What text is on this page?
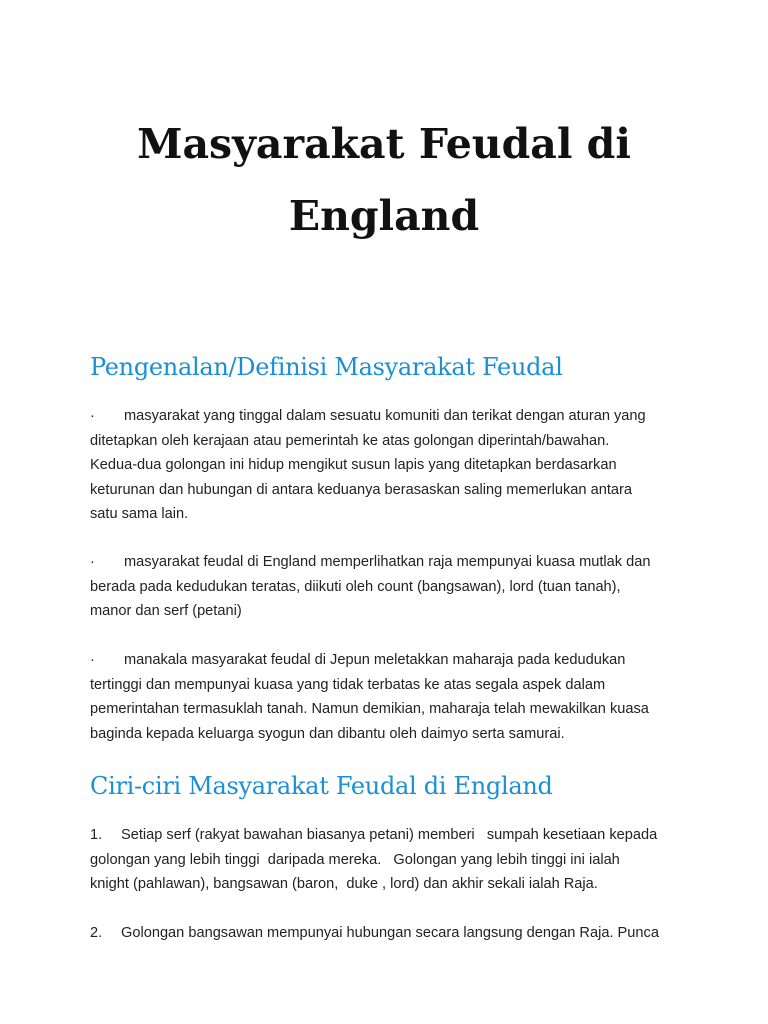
Masyarakat Feudal di
England
Pengenalan/Definisi Masyarakat Feudal

· masyarakat yang tinggal dalam sesuatu komuniti dan terikat dengan aturan yang
ditetapkan oleh kerajaan atau pemerintah ke atas golongan diperintah/bawahan.
Kedua-dua golongan ini hidup mengikut susun lapis yang ditetapkan berdasarkan
keturunan dan hubungan di antara keduanya berasaskan saling memerlukan antara
satu sama lain.

· masyarakat feudal di England memperlihatkan raja mempunyai kuasa mutlak dan
berada pada kedudukan teratas, diikuti oleh count (bangsawan), lord (tuan tanah),
manor dan serf (petani)

· manakala masyarakat feudal di Jepun meletakkan maharaja pada kedudukan
tertinggi dan mempunyai kuasa yang tidak terbatas ke atas segala aspek dalam
pemerintahan termasuklah tanah. Namun demikian, maharaja telah mewakilkan kuasa
baginda kepada keluarga syogun dan dibantu oleh daimyo serta samurai.

Ciri-ciri Masyarakat Feudal di England

1. Setiap serf (rakyat bawahan biasanya petani) memberi   sumpah kesetiaan kepada
golongan yang lebih tinggi  daripada mereka.   Golongan yang lebih tinggi ini ialah
knight (pahlawan), bangsawan (baron,  duke , lord) dan akhir sekali ialah Raja.

2. Golongan bangsawan mempunyai hubungan secara langsung dengan Raja. Punca
